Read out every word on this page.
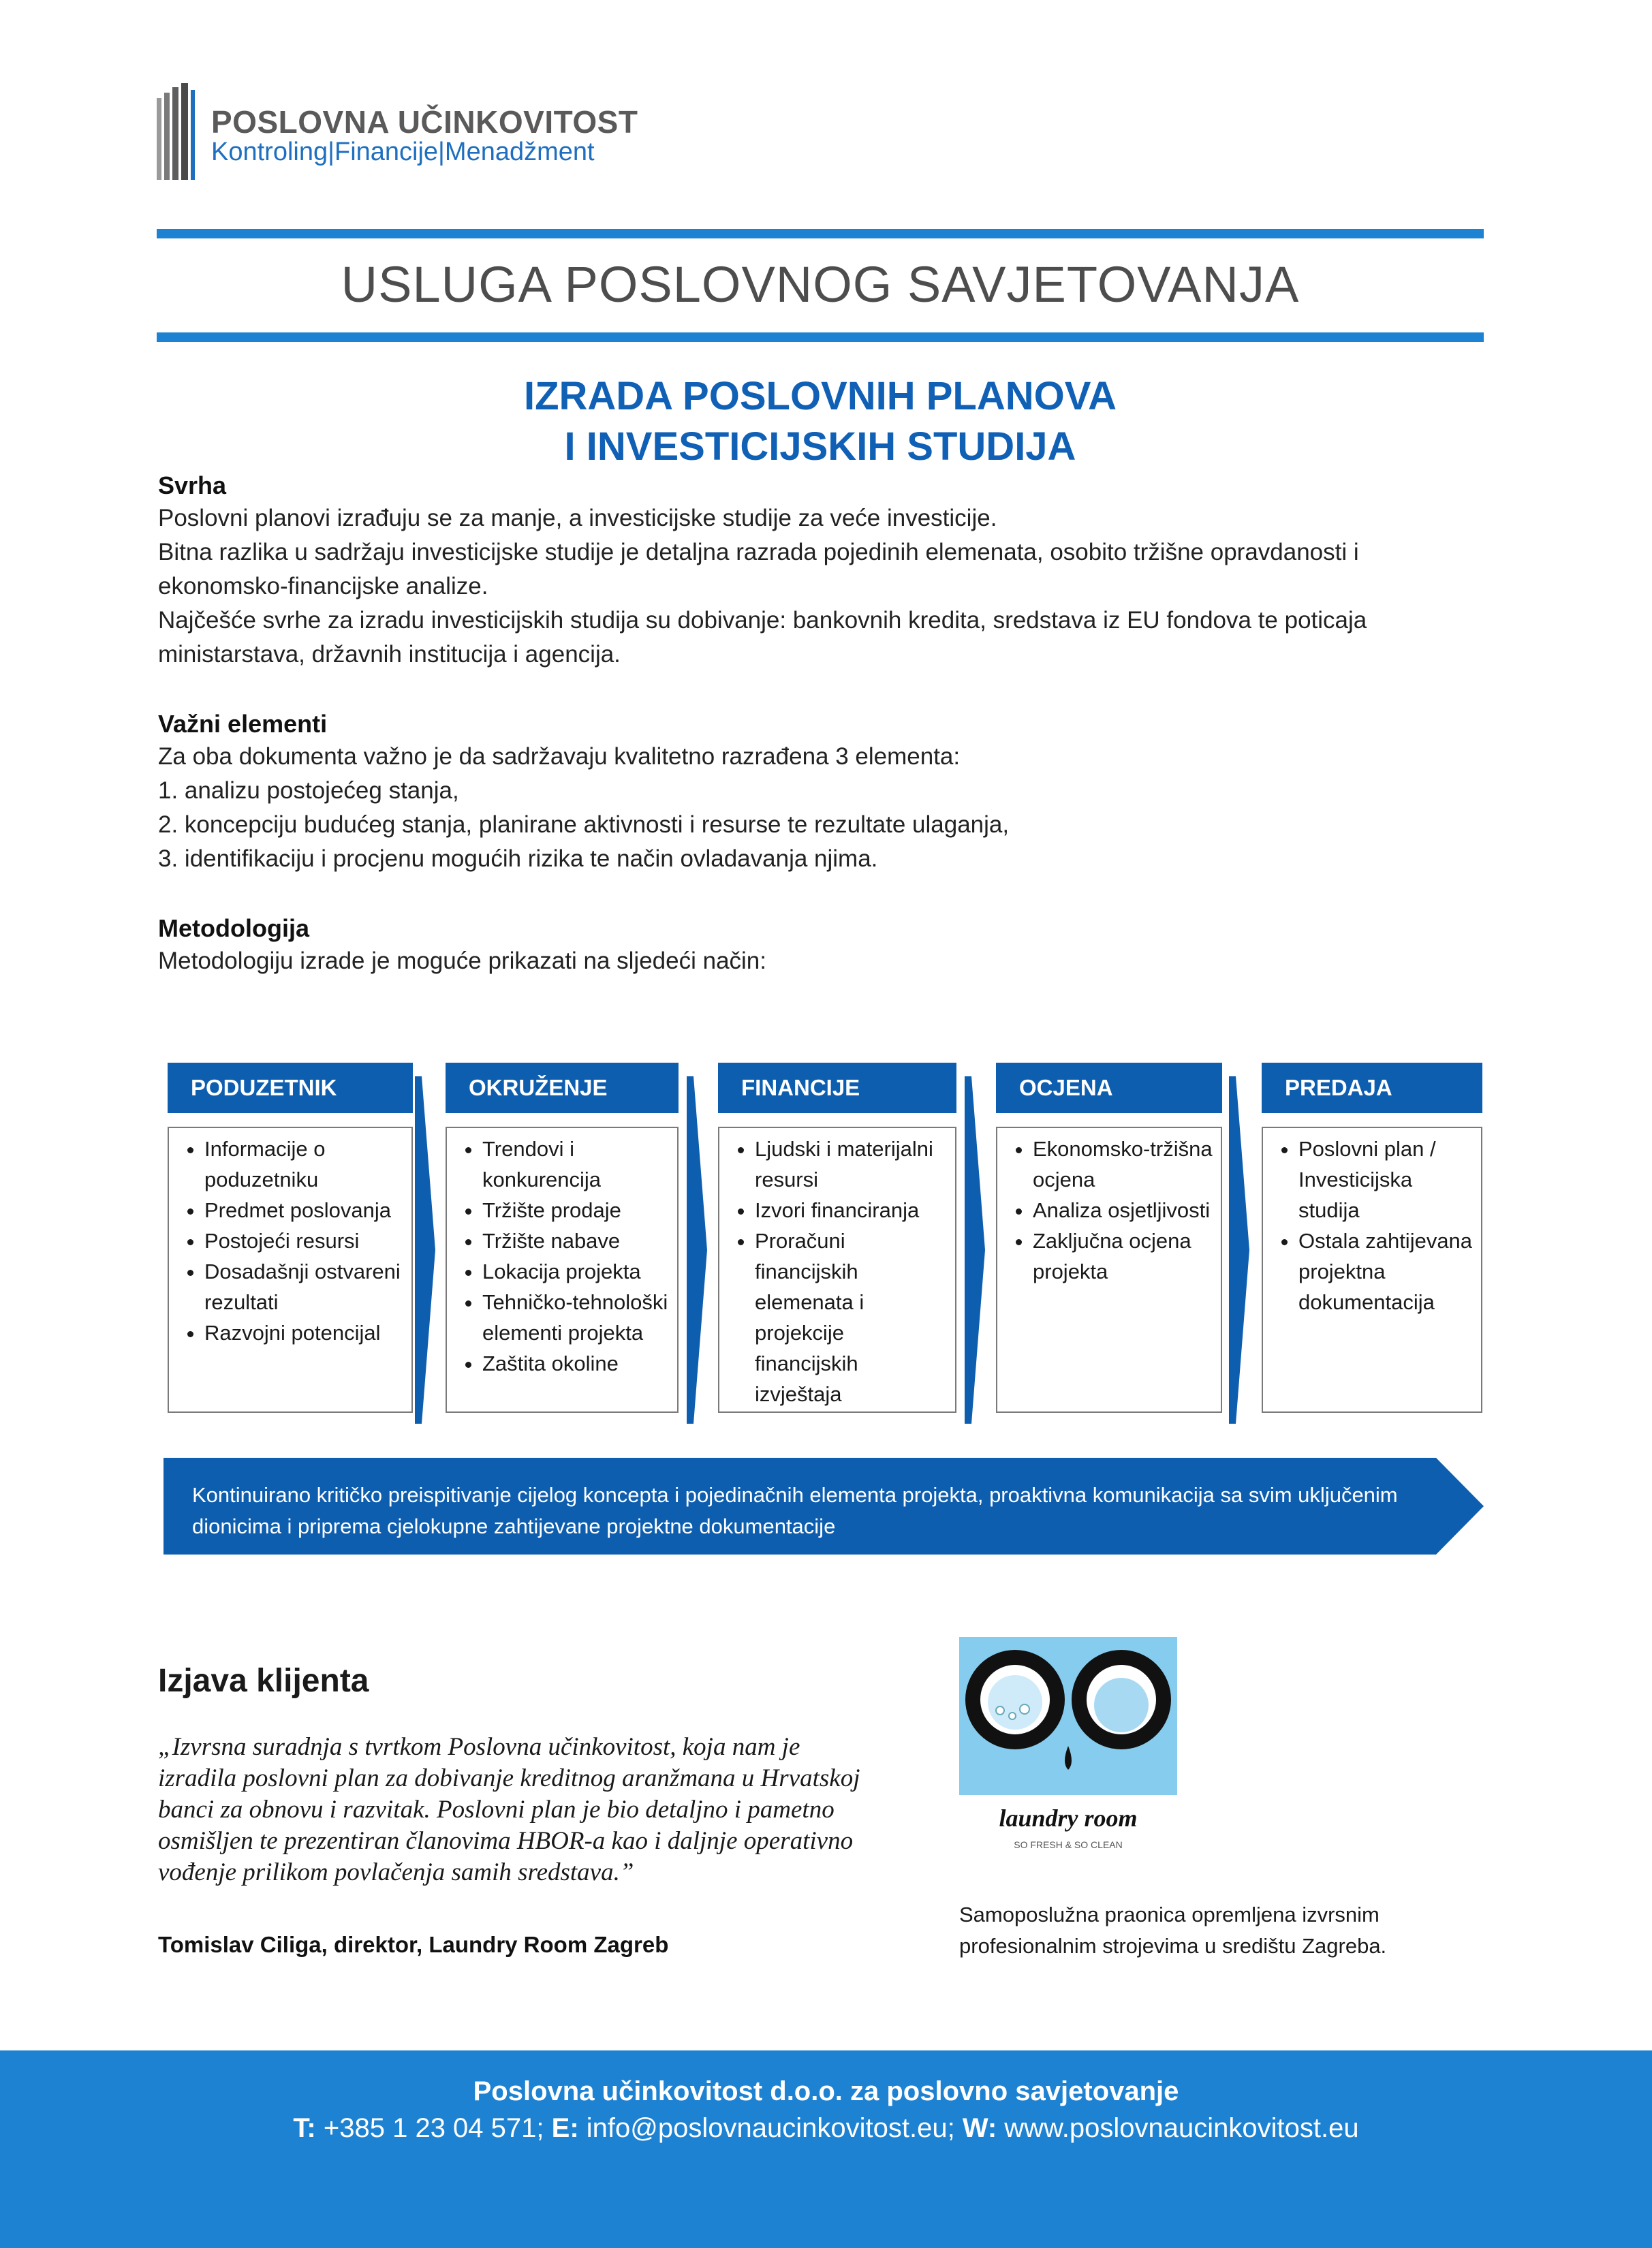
POSLOVNA UČINKOVITOST
Kontroling|Financije|Menadžment
USLUGA POSLOVNOG SAVJETOVANJA
IZRADA POSLOVNIH PLANOVA
I INVESTICIJSKIH STUDIJA
Svrha

Poslovni planovi izrađuju se za manje, a investicijske studije za veće investicije.

Bitna razlika u sadržaju investicijske studije je detaljna razrada pojedinih elemenata, osobito tržišne opravdanosti i ekonomsko-financijske analize.

Najčešće svrhe za izradu investicijskih studija su dobivanje: bankovnih kredita, sredstava iz EU fondova te poticaja ministarstava, državnih institucija i agencija.

Važni elementi

Za oba dokumenta važno je da sadržavaju kvalitetno razrađena 3 elementa:

1. analizu postojećeg stanja,

2. koncepciju budućeg stanja, planirane aktivnosti i resurse te rezultate ulaganja,

3. identifikaciju i procjenu mogućih rizika te način ovladavanja njima.

Metodologija
Metodologiju izrade je moguće prikazati na sljedeći način:
PODUZETNIK
• Informacije o poduzetniku
• Predmet poslovanja
• Postojeći resursi
• Dosadašnji ostvareni rezultati
• Razvojni potencijal
OKRUŽENJE
• Trendovi i konkurencija
• Tržište prodaje
• Tržište nabave
• Lokacija projekta
• Tehničko-tehnološki elementi projekta
• Zaštita okoline
FINANCIJE
• Ljudski i materijalni resursi
• Izvori financiranja
• Proračuni financijskih elemenata i projekcije financijskih izvještaja
OCJENA
• Ekonomsko-tržišna ocjena
• Analiza osjetljivosti
• Zaključna ocjena projekta
PREDAJA
• Poslovni plan / Investicijska studija
• Ostala zahtijevana projektna dokumentacija
Kontinuirano kritičko preispitivanje cijelog koncepta i pojedinačnih elementa projekta, proaktivna komunikacija sa svim uključenim dionicima i priprema cjelokupne zahtijevane projektne dokumentacije
Izjava klijenta
„Izvrsna suradnja s tvrtkom Poslovna učinkovitost, koja nam je izradila poslovni plan za dobivanje kreditnog aranžmana u Hrvatskoj banci za obnovu i razvitak. Poslovni plan je bio detaljno i pametno osmišljen te prezentiran članovima HBOR-a kao i daljnje operativno vođenje prilikom povlačenja samih sredstava.”
Tomislav Ciliga, direktor, Laundry Room Zagreb
laundry room
SO FRESH & SO CLEAN
Samoposlužna praonica opremljena izvrsnim profesionalnim strojevima u središtu Zagreba.
Poslovna učinkovitost d.o.o. za poslovno savjetovanje
T: +385 1 23 04 571; E: info@poslovnaucinkovitost.eu; W: www.poslovnaucinkovitost.eu
